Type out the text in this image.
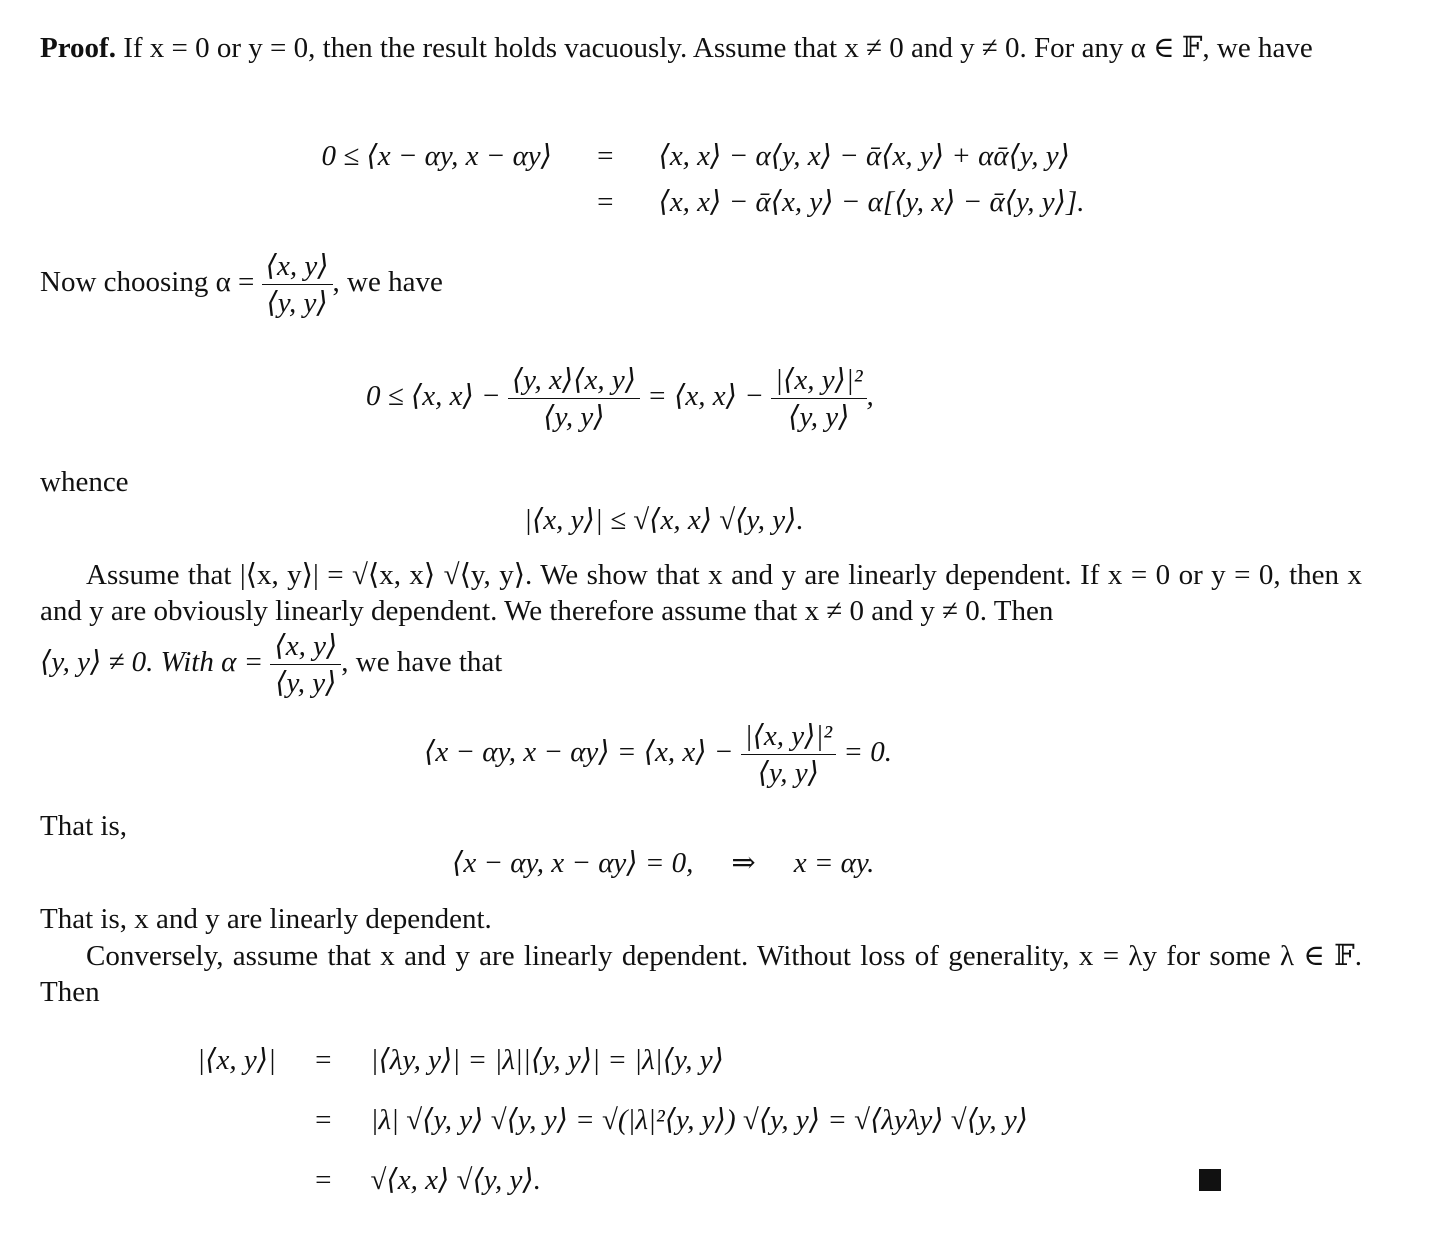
Proof. If x = 0 or y = 0, then the result holds vacuously. Assume that x ≠ 0 and y ≠ 0. For any α ∈ 𝔽, we have
0 ≤ ⟨x − αy, x − αy⟩ = ⟨x, x⟩ − α⟨y, x⟩ − ᾱ⟨x, y⟩ + αᾱ⟨y, y⟩
= ⟨x, x⟩ − ᾱ⟨x, y⟩ − α[⟨y, x⟩ − ᾱ⟨y, y⟩].
Now choosing $\alpha = \frac{⟨x, y⟩}{⟨y, y⟩}$ , we have
0 ≤ ⟨x, x⟩ − $\frac{⟨y, x⟩⟨x, y⟩}{⟨y, y⟩}$ = ⟨x, x⟩ − $\frac{\text{|⟨x, y⟩|²}}{⟨y, y⟩}$ ,
whence
|⟨x, y⟩| ≤ √⟨x, x⟩ √⟨y, y⟩.
Assume that |⟨x, y⟩| = √⟨x, x⟩ √⟨y, y⟩. We show that x and y are linearly dependent. If x = 0 or y = 0, then x and y are obviously linearly dependent. We therefore assume that x ≠ 0 and y ≠ 0. Then
⟨y, y⟩ ≠ 0. With $\alpha = \frac{⟨x, y⟩}{⟨y, y⟩}$ , we have that
⟨x − αy, x − αy⟩ = ⟨x, x⟩ − $\frac{\text{|⟨x, y⟩|²}}{⟨y, y⟩} = 0$.
That is,
⟨x − αy, x − αy⟩ = 0, ⇒ x = αy.
That is, x and y are linearly dependent.
Conversely, assume that x and y are linearly dependent. Without loss of generality, x = λy for some λ ∈ 𝔽. Then
|⟨x, y⟩| = |⟨λy, y⟩| = |λ||⟨y, y⟩| = |λ|⟨y, y⟩
= |λ| √⟨y, y⟩ √⟨y, y⟩ = √(|λ|²⟨y, y⟩) √⟨y, y⟩ = √⟨λyλy⟩ √⟨y, y⟩
= √⟨x, x⟩ √⟨y, y⟩.
